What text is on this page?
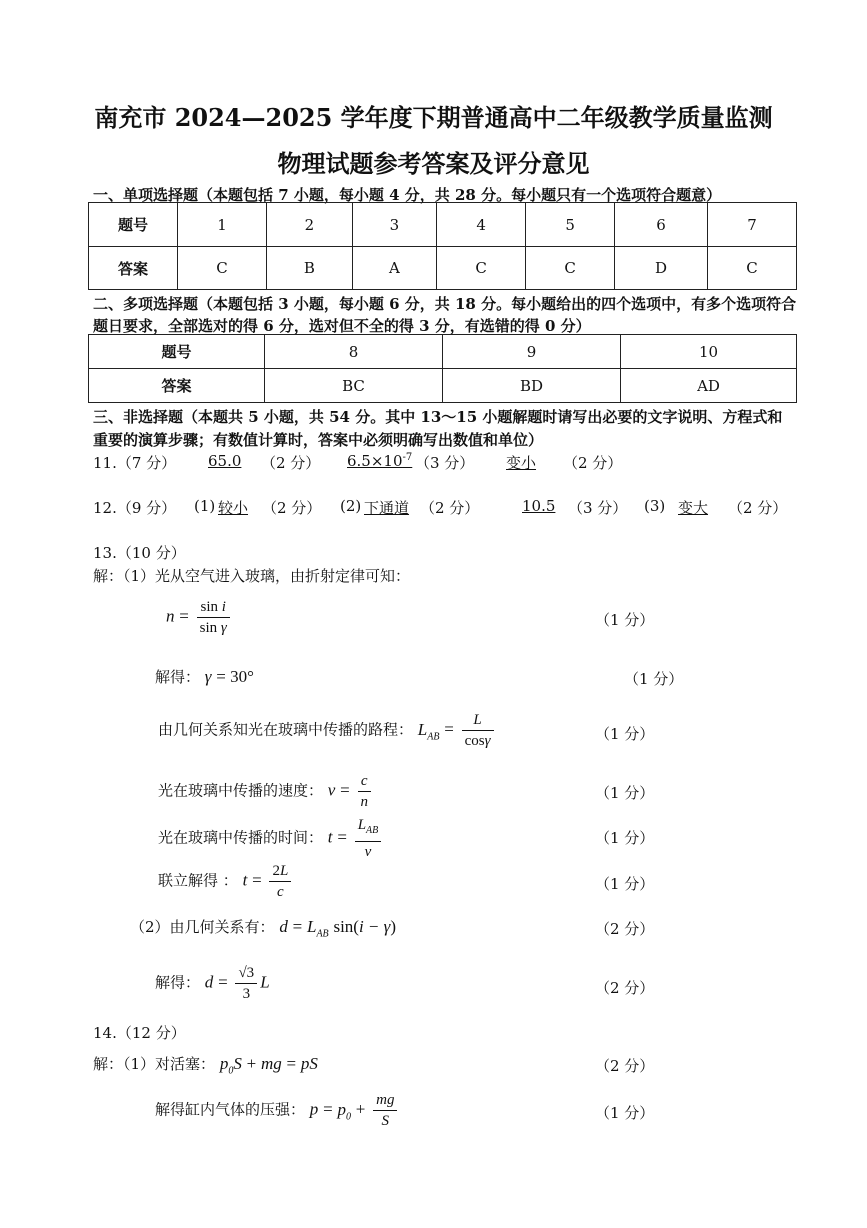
南充市 2024—2025 学年度下期普通高中二年级教学质量监测
物理试题参考答案及评分意见
一、单项选择题（本题包括 7 小题，每小题 4 分，共 28 分。每小题只有一个选项符合题意）
题号	1	2	3	4	5	6	7
答案	C	B	A	C	C	D	C
二、多项选择题（本题包括 3 小题，每小题 6 分，共 18 分。每小题给出的四个选项中，有多个选项符合
题日要求，全部选对的得 6 分，选对但不全的得 3 分，有选错的得 0 分）
题号	8	9	10
答案	BC	BD	AD
三、非选择题（本题共 5 小题，共 54 分。其中 13～15 小题解题时请写出必要的文字说明、方程式和
重要的演算步骤；有数值计算时，答案中必须明确写出数值和单位）
11.（7 分） 65.0 （2 分） $6.5\times 10^{-7}$ （3 分） 变小 （2 分）
12.（9 分） (1) 较小 （2 分） (2) 下通道 （2 分）	10.5 （3 分） (3) 变大 （2 分）
13.（10 分）
解：（1）光从空气进入玻璃，由折射定律可知：
$n = \frac{\text{sin i}}{\text{sin γ}}$	（1 分）
解得： γ = 30°	（1 分）
由几何关系知光在玻璃中传播的路程： $L_{AB} = \frac{L}{\cos\gamma}$	（1 分）
光在玻璃中传播的速度： $v = \frac{c}{n}$	（1 分）
光在玻璃中传播的时间： $t = \frac{L_{AB}}{v}$	（1 分）
联立解得 ： $t = \frac{2L}{c}$	（1 分）
（2）由几何关系有： $d = L_{AB}$ sin(i − γ)	（2 分）
解得： $d = \frac{√3}{3}$ L	（2 分）
14.（12 分）
解：（1）对活塞： $p_0S$ + mg = pS	（2 分）
解得缸内气体的压强： $p = p_0 + \frac{mg}{S}$	（1 分）
